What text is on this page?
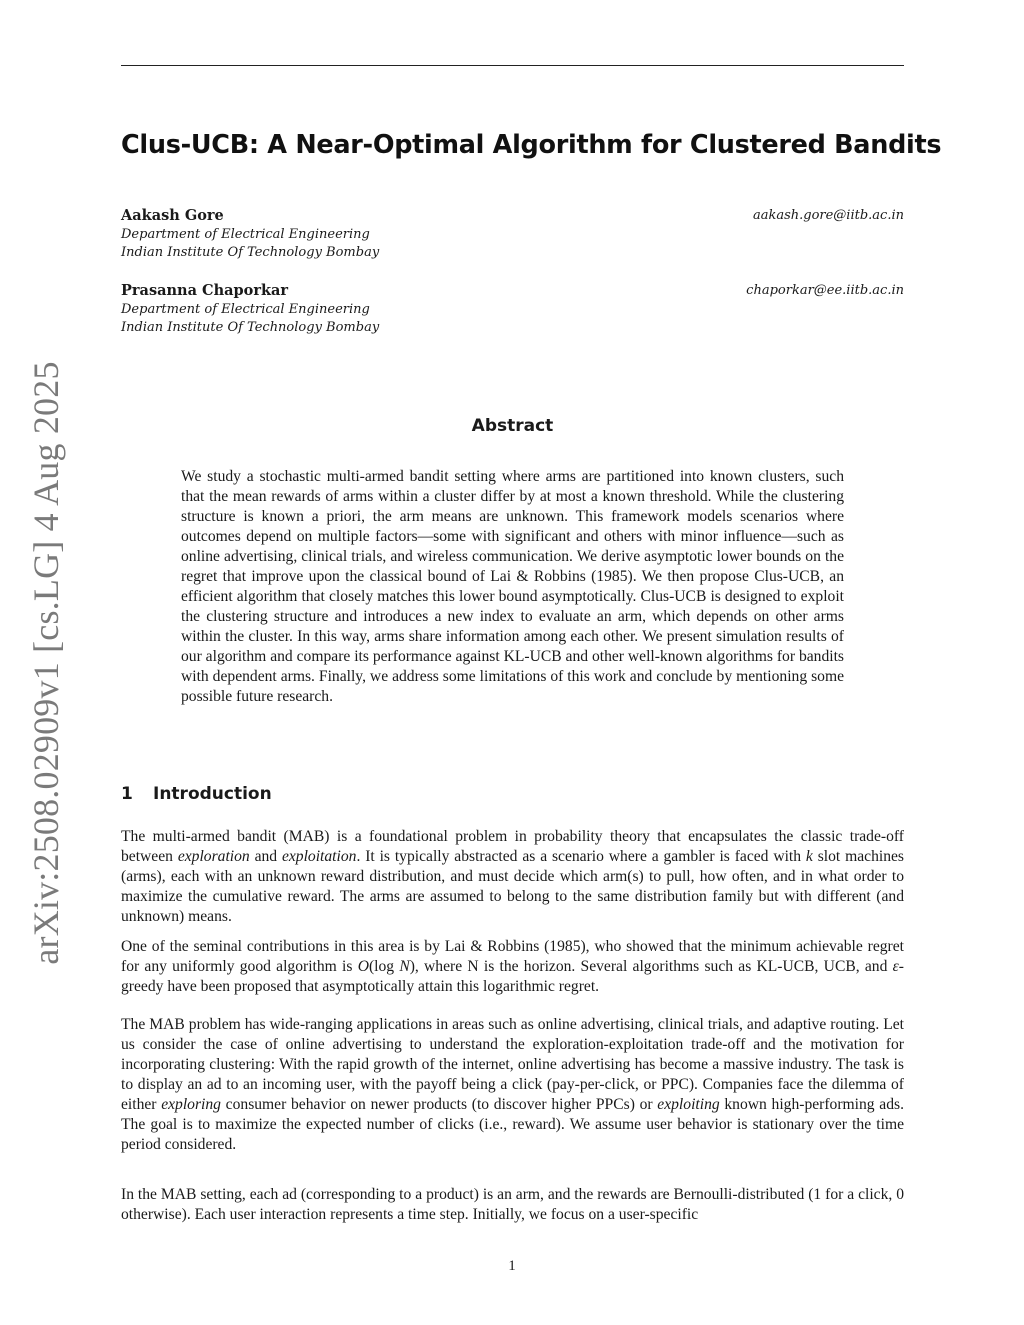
arXiv:2508.02909v1 [cs.LG] 4 Aug 2025
Clus-UCB: A Near-Optimal Algorithm for Clustered Bandits
Aakash Gore	aakash.gore@iitb.ac.in
Department of Electrical Engineering
Indian Institute Of Technology Bombay
Prasanna Chaporkar	chaporkar@ee.iitb.ac.in
Department of Electrical Engineering
Indian Institute Of Technology Bombay
Abstract
We study a stochastic multi-armed bandit setting where arms are partitioned into known clusters, such that the mean rewards of arms within a cluster differ by at most a known threshold. While the clustering structure is known a priori, the arm means are unknown. This framework models scenarios where outcomes depend on multiple factors—some with significant and others with minor influence—such as online advertising, clinical trials, and wireless communication. We derive asymptotic lower bounds on the regret that improve upon the classical bound of Lai & Robbins (1985). We then propose Clus-UCB, an efficient algorithm that closely matches this lower bound asymptotically. Clus-UCB is designed to exploit the clustering structure and introduces a new index to evaluate an arm, which depends on other arms within the cluster. In this way, arms share information among each other. We present simulation results of our algorithm and compare its performance against KL-UCB and other well-known algorithms for bandits with dependent arms. Finally, we address some limitations of this work and conclude by mentioning some possible future research.
1 Introduction
The multi-armed bandit (MAB) is a foundational problem in probability theory that encapsulates the classic trade-off between exploration and exploitation. It is typically abstracted as a scenario where a gambler is faced with k slot machines (arms), each with an unknown reward distribution, and must decide which arm(s) to pull, how often, and in what order to maximize the cumulative reward. The arms are assumed to belong to the same distribution family but with different (and unknown) means.
One of the seminal contributions in this area is by Lai & Robbins (1985), who showed that the minimum achievable regret for any uniformly good algorithm is O(log N), where N is the horizon. Several algorithms such as KL-UCB, UCB, and ε-greedy have been proposed that asymptotically attain this logarithmic regret.
The MAB problem has wide-ranging applications in areas such as online advertising, clinical trials, and adaptive routing. Let us consider the case of online advertising to understand the exploration-exploitation trade-off and the motivation for incorporating clustering: With the rapid growth of the internet, online advertising has become a massive industry. The task is to display an ad to an incoming user, with the payoff being a click (pay-per-click, or PPC). Companies face the dilemma of either exploring consumer behavior on newer products (to discover higher PPCs) or exploiting known high-performing ads. The goal is to maximize the expected number of clicks (i.e., reward). We assume user behavior is stationary over the time period considered.
In the MAB setting, each ad (corresponding to a product) is an arm, and the rewards are Bernoulli-distributed (1 for a click, 0 otherwise). Each user interaction represents a time step. Initially, we focus on a user-specific
1
